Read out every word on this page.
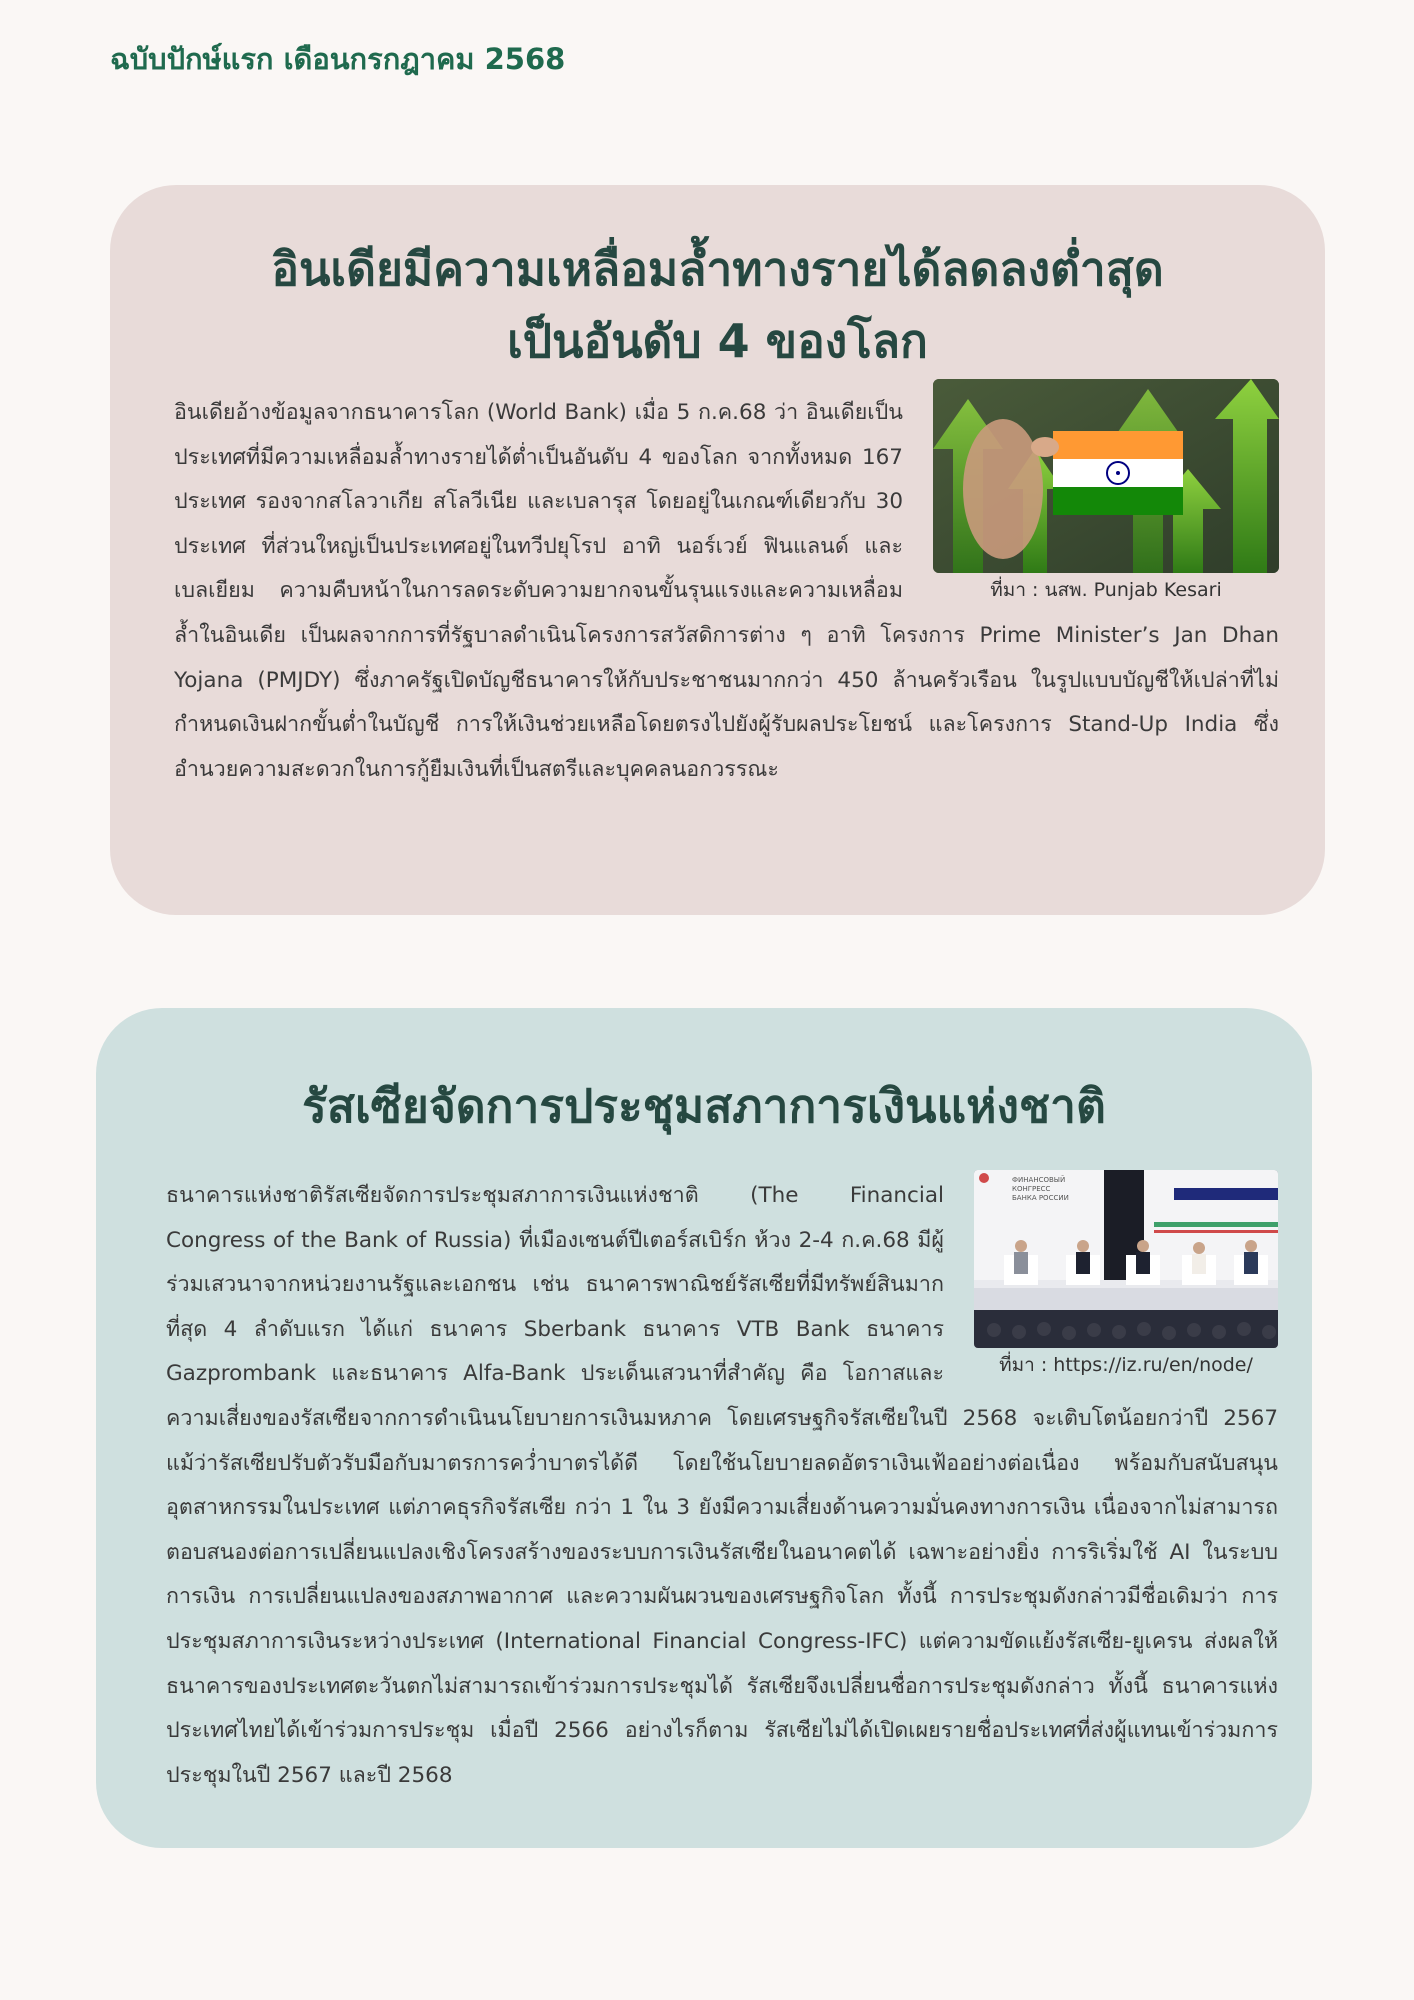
ฉบับปักษ์แรก เดือนกรกฎาคม 2568
อินเดียมีความเหลื่อมล้ำทางรายได้ลดลงต่ำสุด
เป็นอันดับ 4 ของโลก
ที่มา : นสพ. Punjab Kesari

อินเดียอ้างข้อมูลจากธนาคารโลก (World Bank) เมื่อ 5 ก.ค.68 ว่า อินเดียเป็นประเทศที่มีความเหลื่อมล้ำทางรายได้ต่ำเป็นอันดับ 4 ของโลก จากทั้งหมด 167 ประเทศ รองจากสโลวาเกีย สโลวีเนีย และเบลารุส โดยอยู่ในเกณฑ์เดียวกับ 30 ประเทศ ที่ส่วนใหญ่เป็นประเทศอยู่ในทวีปยุโรป อาทิ นอร์เวย์ ฟินแลนด์ และเบลเยียม ความคืบหน้าในการลดระดับความยากจนขั้นรุนแรงและความเหลื่อมล้ำในอินเดีย เป็นผลจากการที่รัฐบาลดำเนินโครงการสวัสดิการต่าง ๆ อาทิ โครงการ Prime Minister’s Jan Dhan Yojana (PMJDY) ซึ่งภาครัฐเปิดบัญชีธนาคารให้กับประชาชนมากกว่า 450 ล้านครัวเรือน ในรูปแบบบัญชีให้เปล่าที่ไม่กำหนดเงินฝากขั้นต่ำในบัญชี การให้เงินช่วยเหลือโดยตรงไปยังผู้รับผลประโยชน์ และโครงการ Stand-Up India ซึ่งอำนวยความสะดวกในการกู้ยืมเงินที่เป็นสตรีและบุคคลนอกวรรณะ

รัสเซียจัดการประชุมสภาการเงินแห่งชาติ
ФИНАНСОВЫЙ
КОНГРЕСС
БАНКА РОССИИ
ที่มา : https://iz.ru/en/node/

ธนาคารแห่งชาติรัสเซียจัดการประชุมสภาการเงินแห่งชาติ (The Financial Congress of the Bank of Russia) ที่เมืองเซนต์ปีเตอร์สเบิร์ก ห้วง 2-4 ก.ค.68 มีผู้ร่วมเสวนาจากหน่วยงานรัฐและเอกชน เช่น ธนาคารพาณิชย์รัสเซียที่มีทรัพย์สินมากที่สุด 4 ลำดับแรก ได้แก่ ธนาคาร Sberbank ธนาคาร VTB Bank ธนาคาร Gazprombank และธนาคาร Alfa-Bank ประเด็นเสวนาที่สำคัญ คือ โอกาสและความเสี่ยงของรัสเซียจากการดำเนินนโยบายการเงินมหภาค โดยเศรษฐกิจรัสเซียในปี 2568 จะเติบโตน้อยกว่าปี 2567 แม้ว่ารัสเซียปรับตัวรับมือกับมาตรการคว่ำบาตรได้ดี โดยใช้นโยบายลดอัตราเงินเฟ้ออย่างต่อเนื่อง พร้อมกับสนับสนุนอุตสาหกรรมในประเทศ แต่ภาคธุรกิจรัสเซีย กว่า 1 ใน 3 ยังมีความเสี่ยงด้านความมั่นคงทางการเงิน เนื่องจากไม่สามารถตอบสนองต่อการเปลี่ยนแปลงเชิงโครงสร้างของระบบการเงินรัสเซียในอนาคตได้ เฉพาะอย่างยิ่ง การริเริ่มใช้ AI ในระบบการเงิน การเปลี่ยนแปลงของสภาพอากาศ และความผันผวนของเศรษฐกิจโลก ทั้งนี้ การประชุมดังกล่าวมีชื่อเดิมว่า การประชุมสภาการเงินระหว่างประเทศ (International Financial Congress-IFC) แต่ความขัดแย้งรัสเซีย-ยูเครน ส่งผลให้ธนาคารของประเทศตะวันตกไม่สามารถเข้าร่วมการประชุมได้ รัสเซียจึงเปลี่ยนชื่อการประชุมดังกล่าว ทั้งนี้ ธนาคารแห่งประเทศไทยได้เข้าร่วมการประชุม เมื่อปี 2566 อย่างไรก็ตาม รัสเซียไม่ได้เปิดเผยรายชื่อประเทศที่ส่งผู้แทนเข้าร่วมการประชุมในปี 2567 และปี 2568
